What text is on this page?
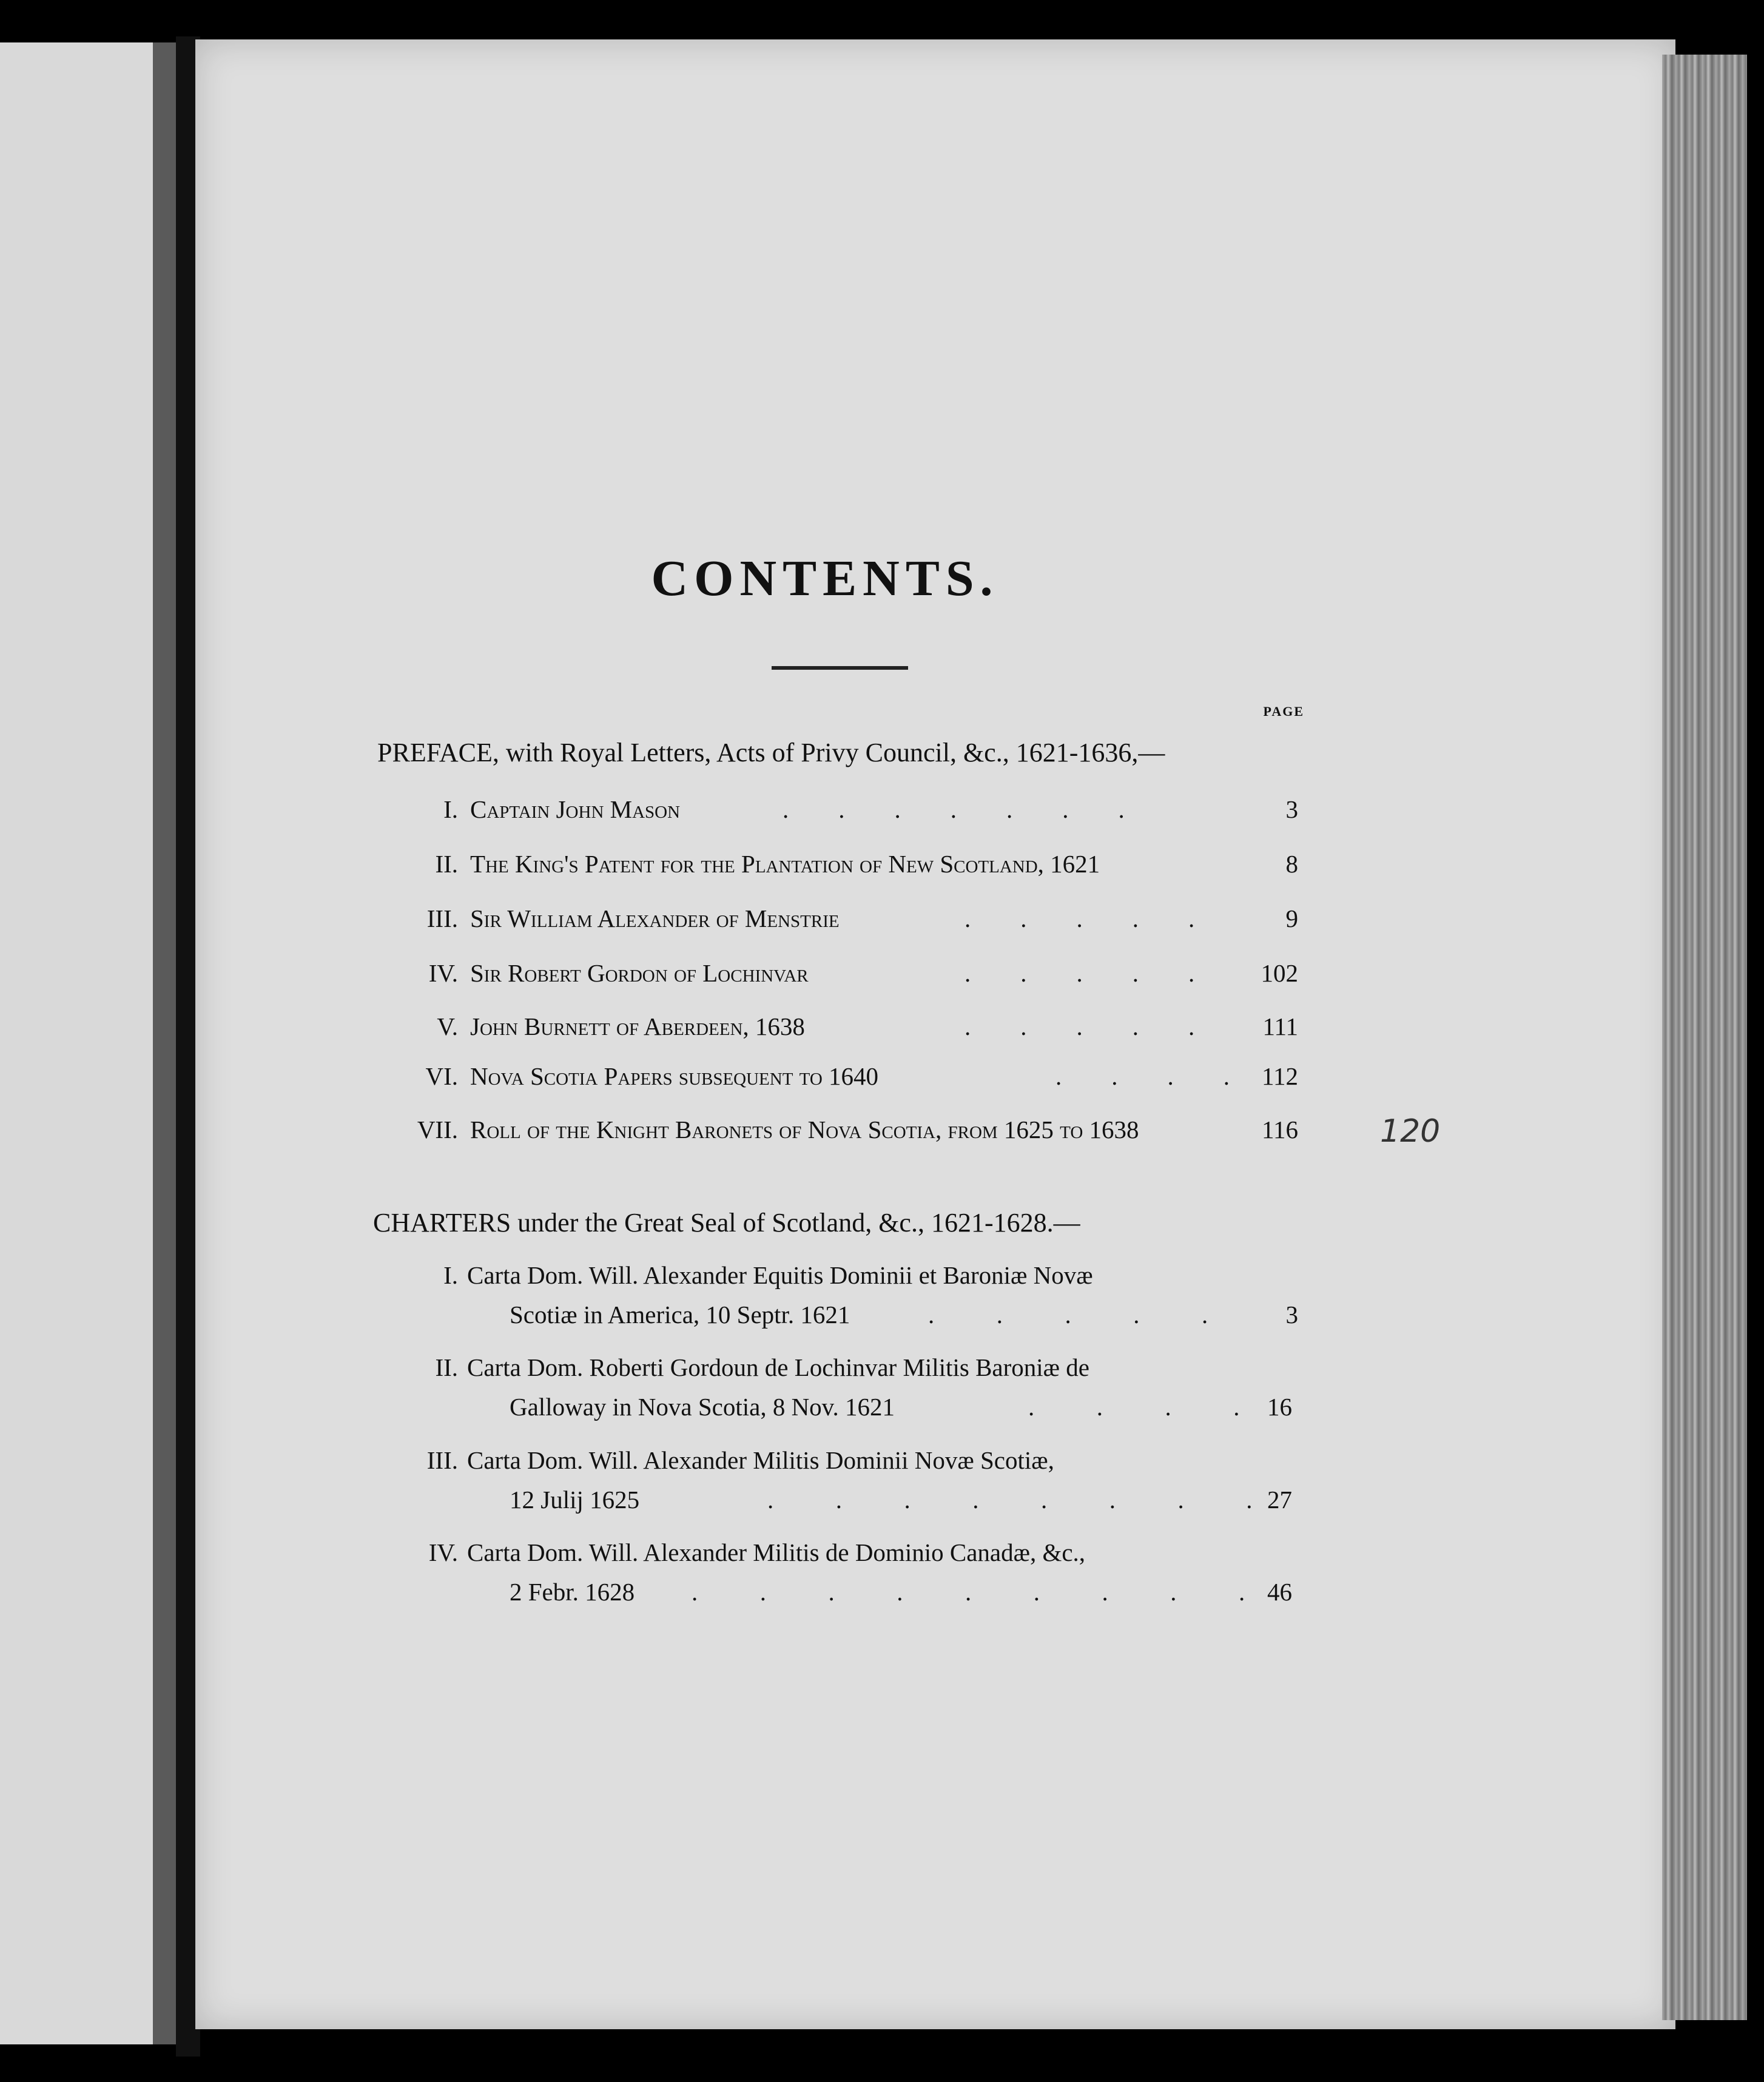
CONTENTS.
PAGE
PREFACE, with Royal Letters, Acts of Privy Council, &c., 1621-1636,—
I. Captain John Mason	.        .        .        .        .        .        .	3
II. The King's Patent for the Plantation of New Scotland, 1621	8
III. Sir William Alexander of Menstrie	.        .        .        .        .	9
IV. Sir Robert Gordon of Lochinvar	.        .        .        .        .	102
V. John Burnett of Aberdeen, 1638	.        .        .        .        .	111
VI. Nova Scotia Papers subsequent to 1640	.        .        .        .	112
VII. Roll of the Knight Baronets of Nova Scotia, from 1625 to 1638	116	120
CHARTERS under the Great Seal of Scotland, &c., 1621-1628.—
I. Carta Dom. Will. Alexander Equitis Dominii et Baroniæ Novæ
Scotiæ in America, 10 Septr. 1621	.          .          .          .          .	3
II. Carta Dom. Roberti Gordoun de Lochinvar Militis Baroniæ de
Galloway in Nova Scotia, 8 Nov. 1621	.          .          .          .	16
III. Carta Dom. Will. Alexander Militis Dominii Novæ Scotiæ,
12 Julij 1625	.          .          .          .          .          .          .          . 27
IV. Carta Dom. Will. Alexander Militis de Dominio Canadæ, &c.,
2 Febr. 1628 .          .          .          .          .          .          .          .          . 46
